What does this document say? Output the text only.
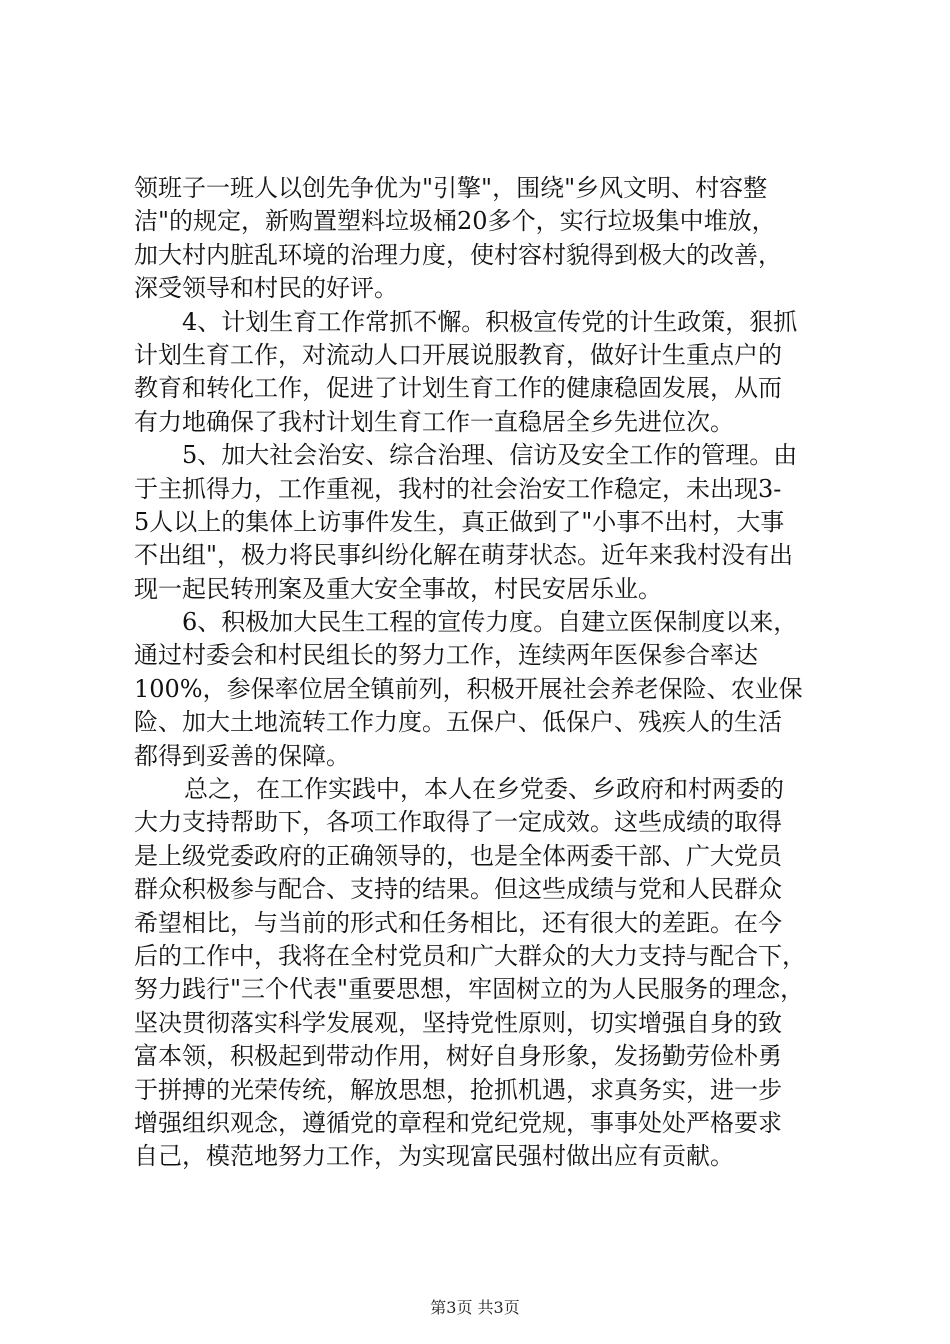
领班子一班人以创先争优为"引擎"，围绕"乡风文明、村容整
洁"的规定，新购置塑料垃圾桶20多个，实行垃圾集中堆放，
加大村内脏乱环境的治理力度，使村容村貌得到极大的改善，
深受领导和村民的好评。
4、计划生育工作常抓不懈。积极宣传党的计生政策，狠抓
计划生育工作，对流动人口开展说服教育，做好计生重点户的
教育和转化工作，促进了计划生育工作的健康稳固发展，从而
有力地确保了我村计划生育工作一直稳居全乡先进位次。
5、加大社会治安、综合治理、信访及安全工作的管理。由
于主抓得力，工作重视，我村的社会治安工作稳定，未出现3-
5人以上的集体上访事件发生，真正做到了"小事不出村，大事
不出组"，极力将民事纠纷化解在萌芽状态。近年来我村没有出
现一起民转刑案及重大安全事故，村民安居乐业。
6、积极加大民生工程的宣传力度。自建立医保制度以来，
通过村委会和村民组长的努力工作，连续两年医保参合率达
100%，参保率位居全镇前列，积极开展社会养老保险、农业保
险、加大土地流转工作力度。五保户、低保户、残疾人的生活
都得到妥善的保障。
总之，在工作实践中，本人在乡党委、乡政府和村两委的
大力支持帮助下，各项工作取得了一定成效。这些成绩的取得
是上级党委政府的正确领导的，也是全体两委干部、广大党员
群众积极参与配合、支持的结果。但这些成绩与党和人民群众
希望相比，与当前的形式和任务相比，还有很大的差距。在今
后的工作中，我将在全村党员和广大群众的大力支持与配合下，
努力践行"三个代表"重要思想，牢固树立的为人民服务的理念，
坚决贯彻落实科学发展观，坚持党性原则，切实增强自身的致
富本领，积极起到带动作用，树好自身形象，发扬勤劳俭朴勇
于拼搏的光荣传统，解放思想，抢抓机遇，求真务实，进一步
增强组织观念，遵循党的章程和党纪党规，事事处处严格要求
自己，模范地努力工作，为实现富民强村做出应有贡献。
第3页 共3页
